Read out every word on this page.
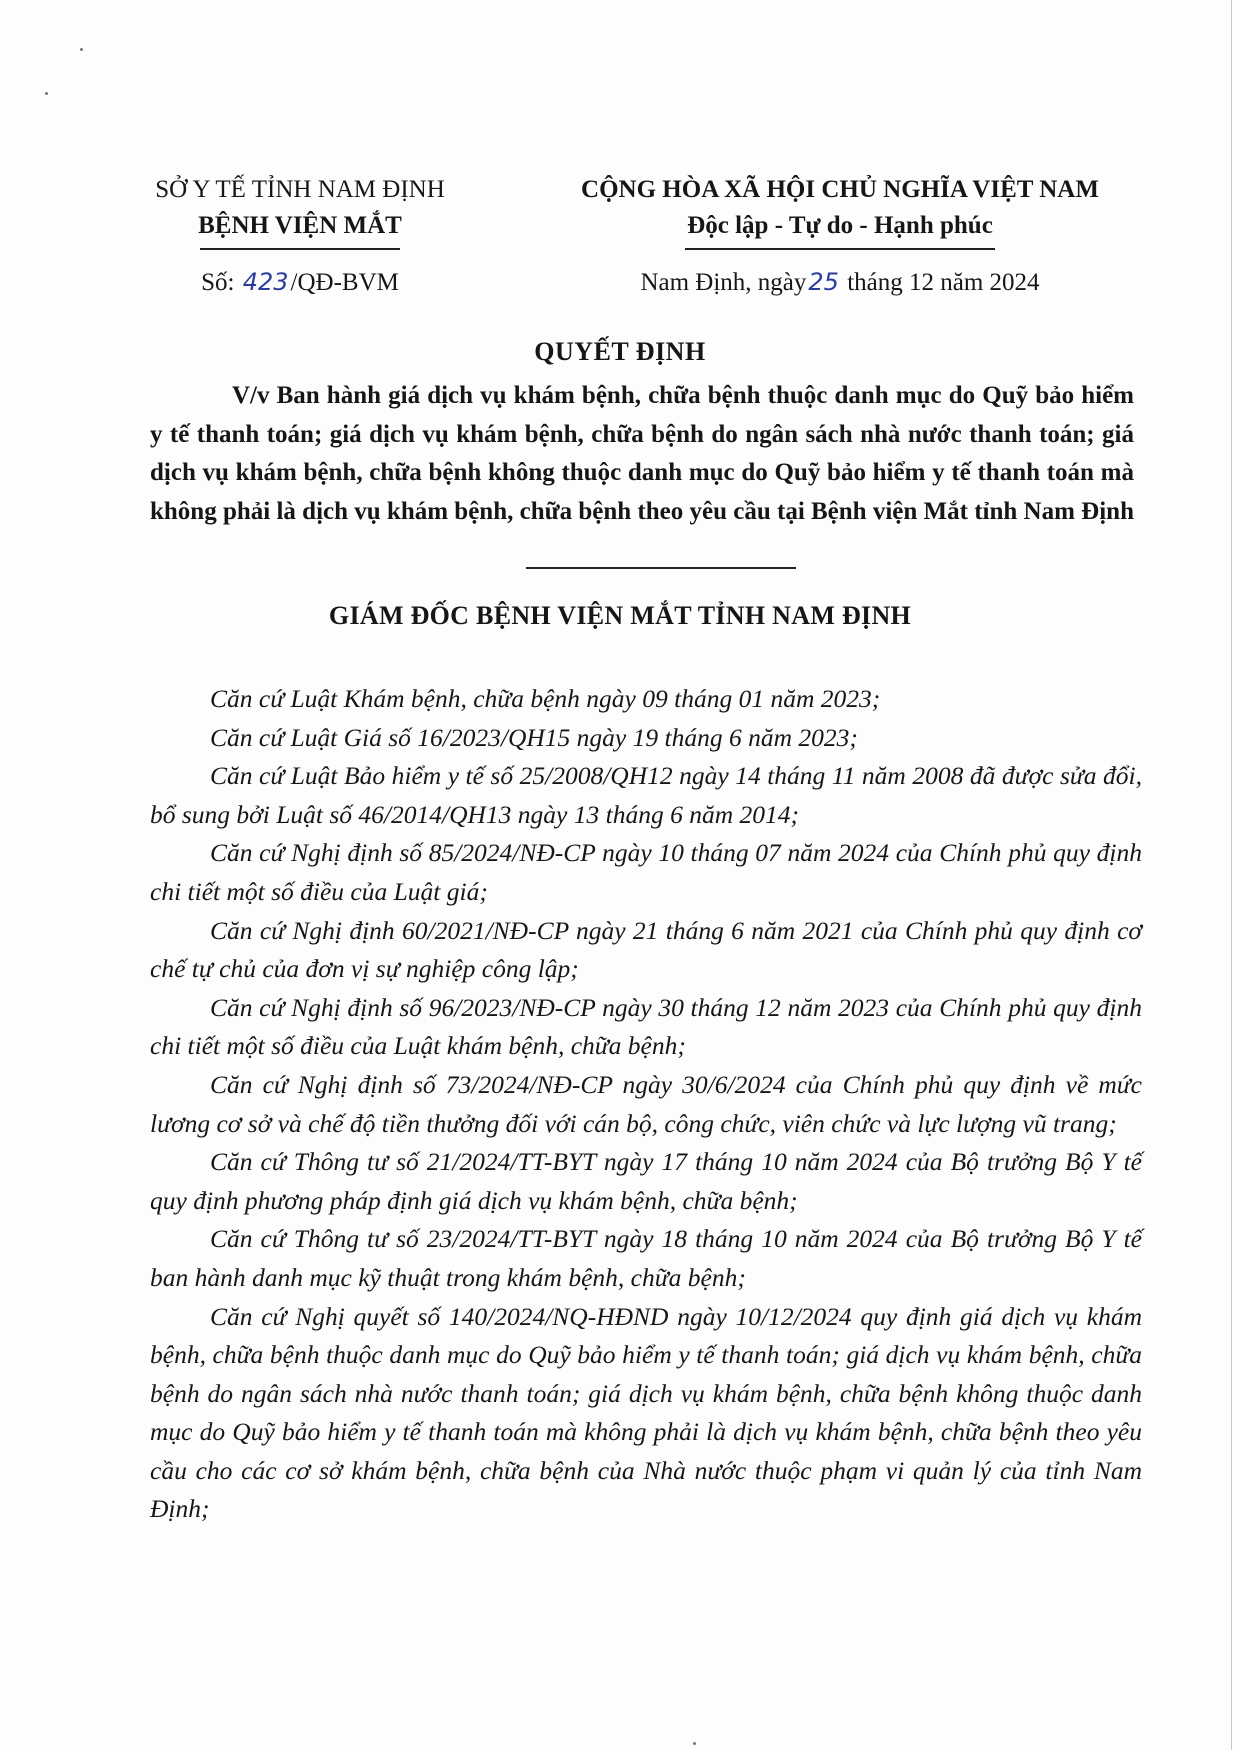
SỞ Y TẾ TỈNH NAM ĐỊNH
BỆNH VIỆN MẮT
CỘNG HÒA XÃ HỘI CHỦ NGHĨA VIỆT NAM
Độc lập - Tự do - Hạnh phúc
Số: 423/QĐ-BVM	Nam Định, ngày25 tháng 12 năm 2024
QUYẾT ĐỊNH
V/v Ban hành giá dịch vụ khám bệnh, chữa bệnh thuộc danh mục do Quỹ bảo hiểm y tế thanh toán; giá dịch vụ khám bệnh, chữa bệnh do ngân sách nhà nước thanh toán; giá dịch vụ khám bệnh, chữa bệnh không thuộc danh mục do Quỹ bảo hiểm y tế thanh toán mà không phải là dịch vụ khám bệnh, chữa bệnh theo yêu cầu tại Bệnh viện Mắt tỉnh Nam Định
GIÁM ĐỐC BỆNH VIỆN MẮT TỈNH NAM ĐỊNH

Căn cứ Luật Khám bệnh, chữa bệnh ngày 09 tháng 01 năm 2023;

Căn cứ Luật Giá số 16/2023/QH15 ngày 19 tháng 6 năm 2023;

Căn cứ Luật Bảo hiểm y tế số 25/2008/QH12 ngày 14 tháng 11 năm 2008 đã được sửa đổi, bổ sung bởi Luật số 46/2014/QH13 ngày 13 tháng 6 năm 2014;

Căn cứ Nghị định số 85/2024/NĐ-CP ngày 10 tháng 07 năm 2024 của Chính phủ quy định chi tiết một số điều của Luật giá;

Căn cứ Nghị định 60/2021/NĐ-CP ngày 21 tháng 6 năm 2021 của Chính phủ quy định cơ chế tự chủ của đơn vị sự nghiệp công lập;

Căn cứ Nghị định số 96/2023/NĐ-CP ngày 30 tháng 12 năm 2023 của Chính phủ quy định chi tiết một số điều của Luật khám bệnh, chữa bệnh;

Căn cứ Nghị định số 73/2024/NĐ-CP ngày 30/6/2024 của Chính phủ quy định về mức lương cơ sở và chế độ tiền thưởng đối với cán bộ, công chức, viên chức và lực lượng vũ trang;

Căn cứ Thông tư số 21/2024/TT-BYT ngày 17 tháng 10 năm 2024 của Bộ trưởng Bộ Y tế quy định phương pháp định giá dịch vụ khám bệnh, chữa bệnh;

Căn cứ Thông tư số 23/2024/TT-BYT ngày 18 tháng 10 năm 2024 của Bộ trưởng Bộ Y tế ban hành danh mục kỹ thuật trong khám bệnh, chữa bệnh;

Căn cứ Nghị quyết số 140/2024/NQ-HĐND ngày 10/12/2024 quy định giá dịch vụ khám bệnh, chữa bệnh thuộc danh mục do Quỹ bảo hiểm y tế thanh toán; giá dịch vụ khám bệnh, chữa bệnh do ngân sách nhà nước thanh toán; giá dịch vụ khám bệnh, chữa bệnh không thuộc danh mục do Quỹ bảo hiểm y tế thanh toán mà không phải là dịch vụ khám bệnh, chữa bệnh theo yêu cầu cho các cơ sở khám bệnh, chữa bệnh của Nhà nước thuộc phạm vi quản lý của tỉnh Nam Định;
